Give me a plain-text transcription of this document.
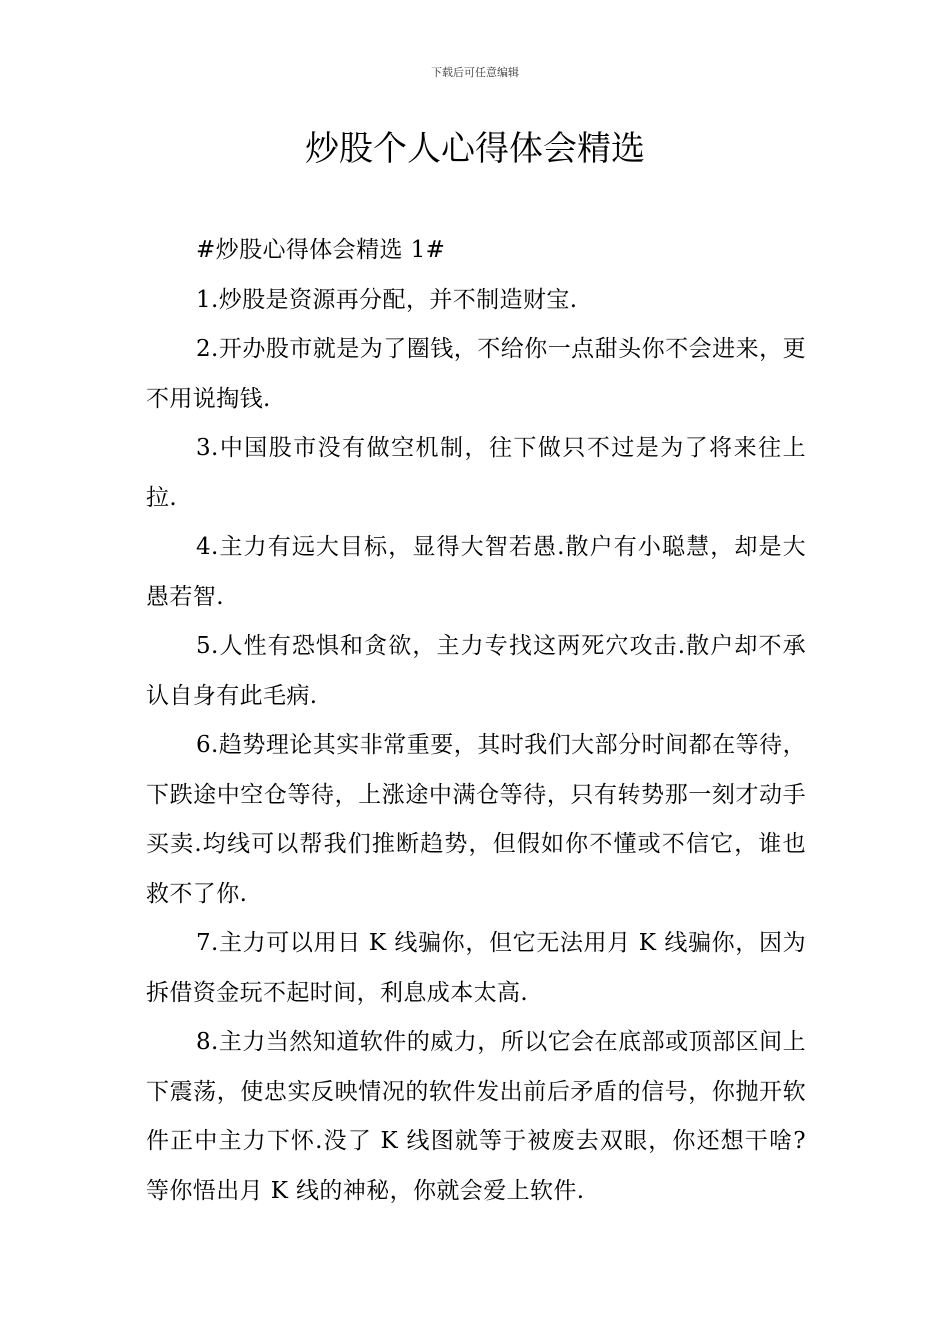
下载后可任意编辑
炒股个人心得体会精选

#炒股心得体会精选 1#

1.炒股是资源再分配，并不制造财宝.

2.开办股市就是为了圈钱，不给你一点甜头你不会进来，更不用说掏钱.

3.中国股市没有做空机制，往下做只不过是为了将来往上拉.

4.主力有远大目标，显得大智若愚.散户有小聪慧，却是大愚若智.

5.人性有恐惧和贪欲，主力专找这两死穴攻击.散户却不承认自身有此毛病.

6.趋势理论其实非常重要，其时我们大部分时间都在等待，下跌途中空仓等待，上涨途中满仓等待，只有转势那一刻才动手买卖.均线可以帮我们推断趋势，但假如你不懂或不信它，谁也救不了你.

7.主力可以用日 K 线骗你，但它无法用月 K 线骗你，因为拆借资金玩不起时间，利息成本太高.

8.主力当然知道软件的威力，所以它会在底部或顶部区间上下震荡，使忠实反映情况的软件发出前后矛盾的信号，你抛开软件正中主力下怀.没了 K 线图就等于被废去双眼，你还想干啥?等你悟出月 K 线的神秘，你就会爱上软件.
